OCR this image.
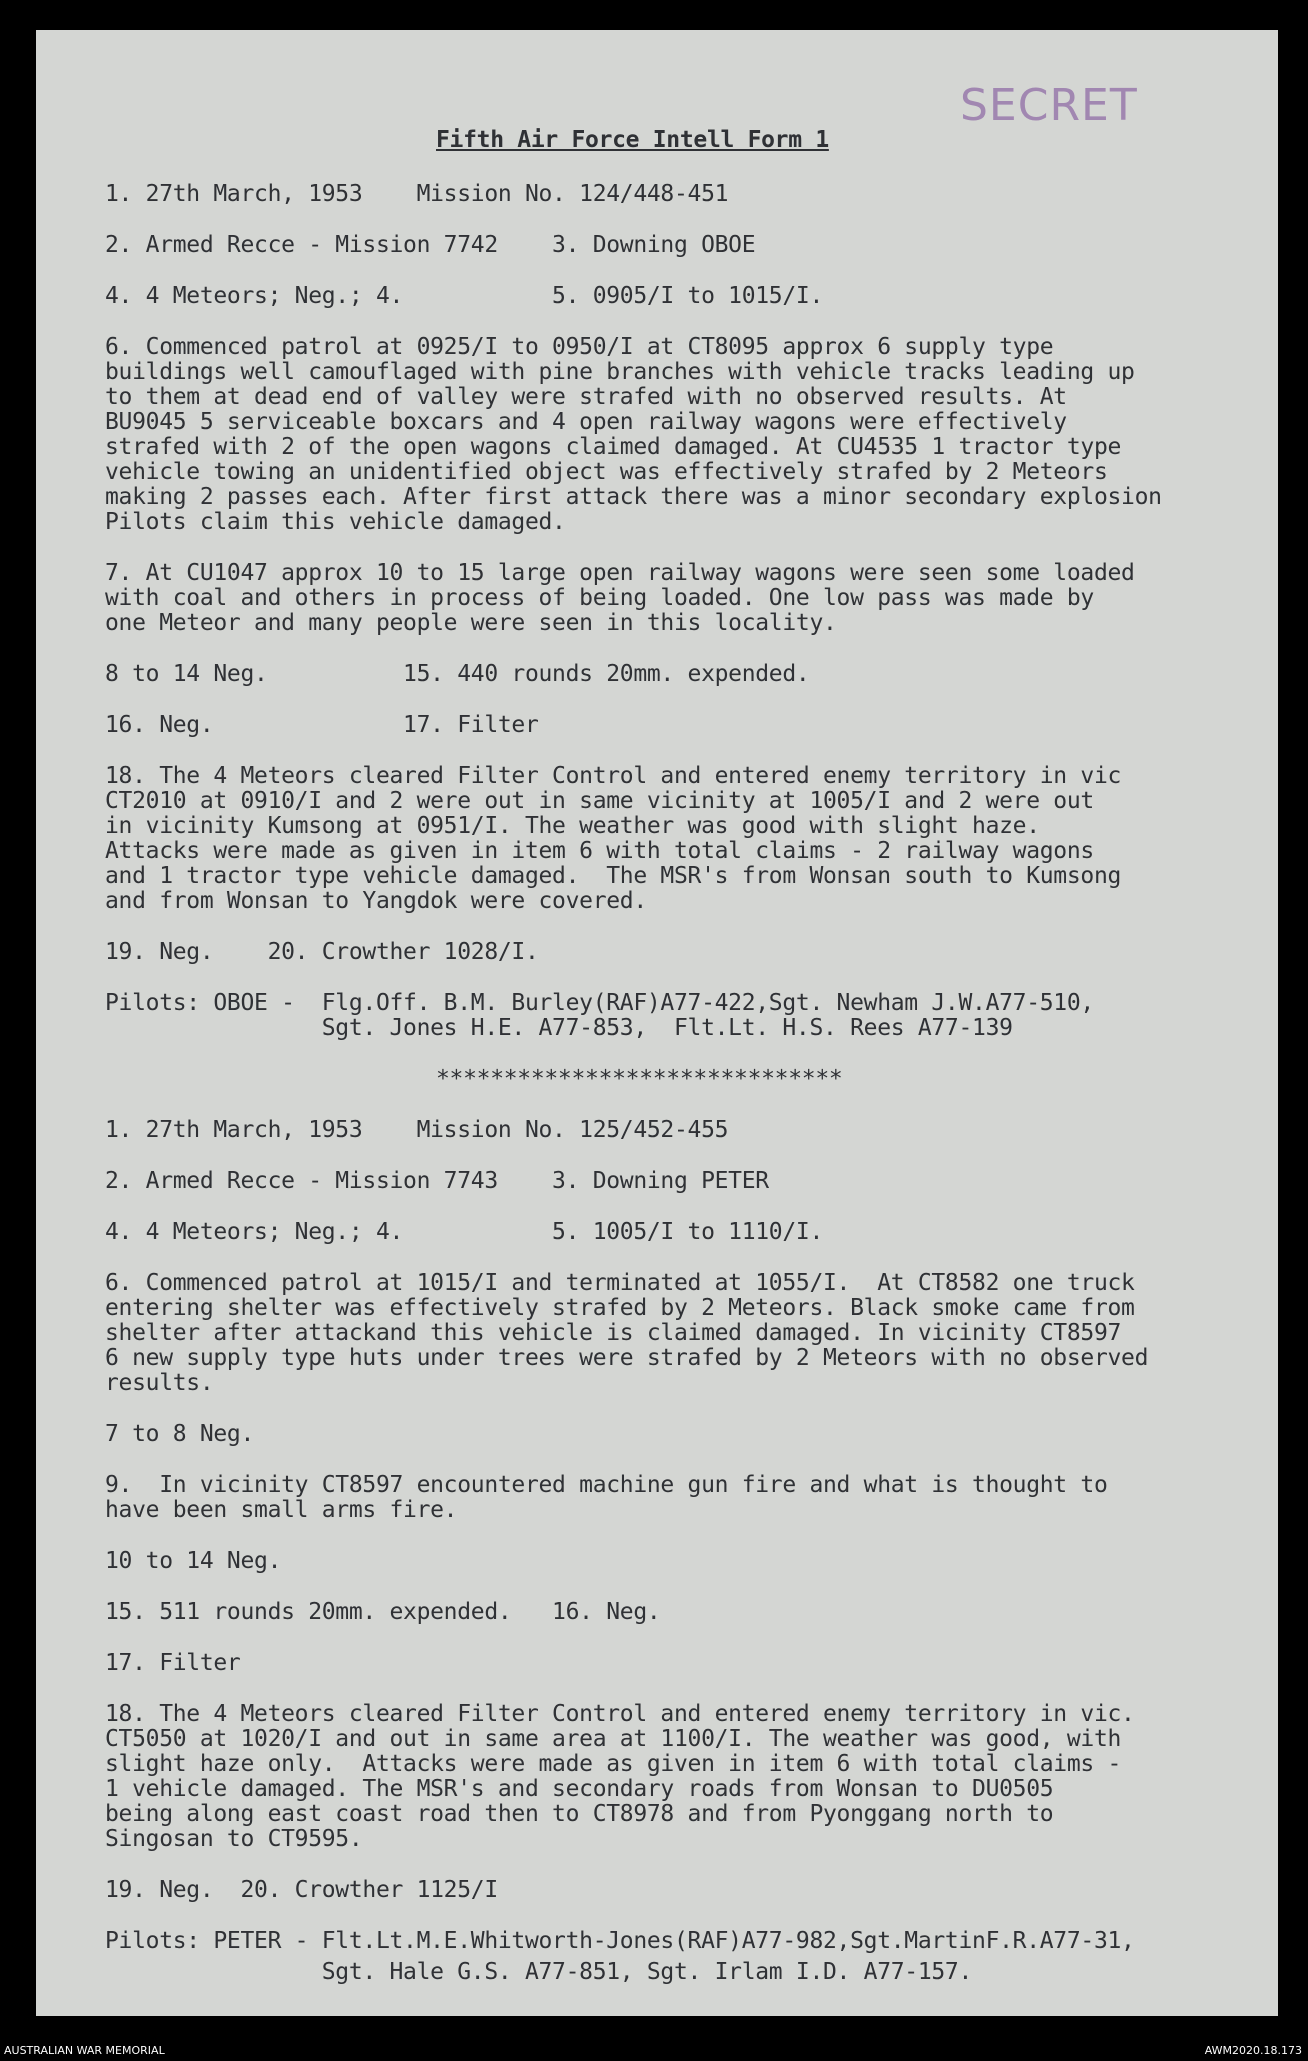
SECRET
Fifth Air Force Intell Form 1
1. 27th March, 1953    Mission No. 124/448-451
2. Armed Recce - Mission 7742    3. Downing OBOE
4. 4 Meteors; Neg.; 4.           5. 0905/I to 1015/I.
6. Commenced patrol at 0925/I to 0950/I at CT8095 approx 6 supply type
buildings well camouflaged with pine branches with vehicle tracks leading up
to them at dead end of valley were strafed with no observed results. At
BU9045 5 serviceable boxcars and 4 open railway wagons were effectively
strafed with 2 of the open wagons claimed damaged. At CU4535 1 tractor type
vehicle towing an unidentified object was effectively strafed by 2 Meteors
making 2 passes each. After first attack there was a minor secondary explosion
Pilots claim this vehicle damaged.
7. At CU1047 approx 10 to 15 large open railway wagons were seen some loaded
with coal and others in process of being loaded. One low pass was made by
one Meteor and many people were seen in this locality.
8 to 14 Neg.          15. 440 rounds 20mm. expended.
16. Neg.              17. Filter
18. The 4 Meteors cleared Filter Control and entered enemy territory in vic
CT2010 at 0910/I and 2 were out in same vicinity at 1005/I and 2 were out
in vicinity Kumsong at 0951/I. The weather was good with slight haze.
Attacks were made as given in item 6 with total claims - 2 railway wagons
and 1 tractor type vehicle damaged.  The MSR's from Wonsan south to Kumsong
and from Wonsan to Yangdok were covered.
19. Neg.    20. Crowther 1028/I.
Pilots: OBOE -  Flg.Off. B.M. Burley(RAF)A77-422,Sgt. Newham J.W.A77-510,
Sgt. Jones H.E. A77-853,  Flt.Lt. H.S. Rees A77-139
******************************
1. 27th March, 1953    Mission No. 125/452-455
2. Armed Recce - Mission 7743    3. Downing PETER
4. 4 Meteors; Neg.; 4.           5. 1005/I to 1110/I.
6. Commenced patrol at 1015/I and terminated at 1055/I.  At CT8582 one truck
entering shelter was effectively strafed by 2 Meteors. Black smoke came from
shelter after attackand this vehicle is claimed damaged. In vicinity CT8597
6 new supply type huts under trees were strafed by 2 Meteors with no observed
results.
7 to 8 Neg.
9.  In vicinity CT8597 encountered machine gun fire and what is thought to
have been small arms fire.
10 to 14 Neg.
15. 511 rounds 20mm. expended.   16. Neg.
17. Filter
18. The 4 Meteors cleared Filter Control and entered enemy territory in vic.
CT5050 at 1020/I and out in same area at 1100/I. The weather was good, with
slight haze only.  Attacks were made as given in item 6 with total claims -
1 vehicle damaged. The MSR's and secondary roads from Wonsan to DU0505
being along east coast road then to CT8978 and from Pyonggang north to
Singosan to CT9595.
19. Neg.  20. Crowther 1125/I
Pilots: PETER - Flt.Lt.M.E.Whitworth-Jones(RAF)A77-982,Sgt.MartinF.R.A77-31,
Sgt. Hale G.S. A77-851, Sgt. Irlam I.D. A77-157.
AUSTRALIAN WAR MEMORIAL	AWM2020.18.173
